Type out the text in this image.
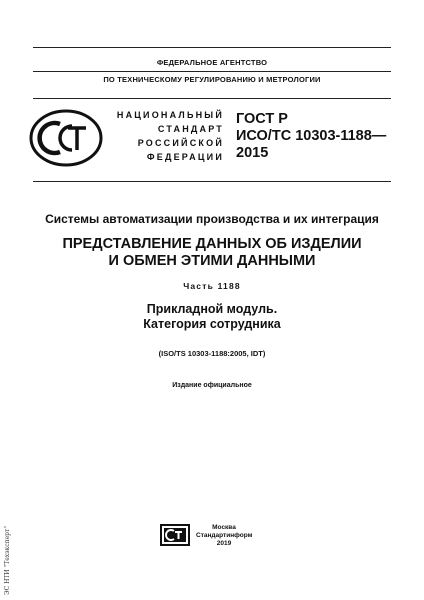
ФЕДЕРАЛЬНОЕ АГЕНТСТВО
ПО ТЕХНИЧЕСКОМУ РЕГУЛИРОВАНИЮ И МЕТРОЛОГИИ
НАЦИОНАЛЬНЫЙ
СТАНДАРТ
РОССИЙСКОЙ
ФЕДЕРАЦИИ
ГОСТ Р
ИСО/ТС 10303-1188—
2015
Системы автоматизации производства и их интеграция
ПРЕДСТАВЛЕНИЕ ДАННЫХ ОБ ИЗДЕЛИИ
И ОБМЕН ЭТИМИ ДАННЫМИ
Часть 1188
Прикладной модуль.
Категория сотрудника
(ISO/TS 10303-1188:2005, IDT)
Издание официальное
Москва
Стандартинформ
2019
ЭС НТИ "Техэксперт"
